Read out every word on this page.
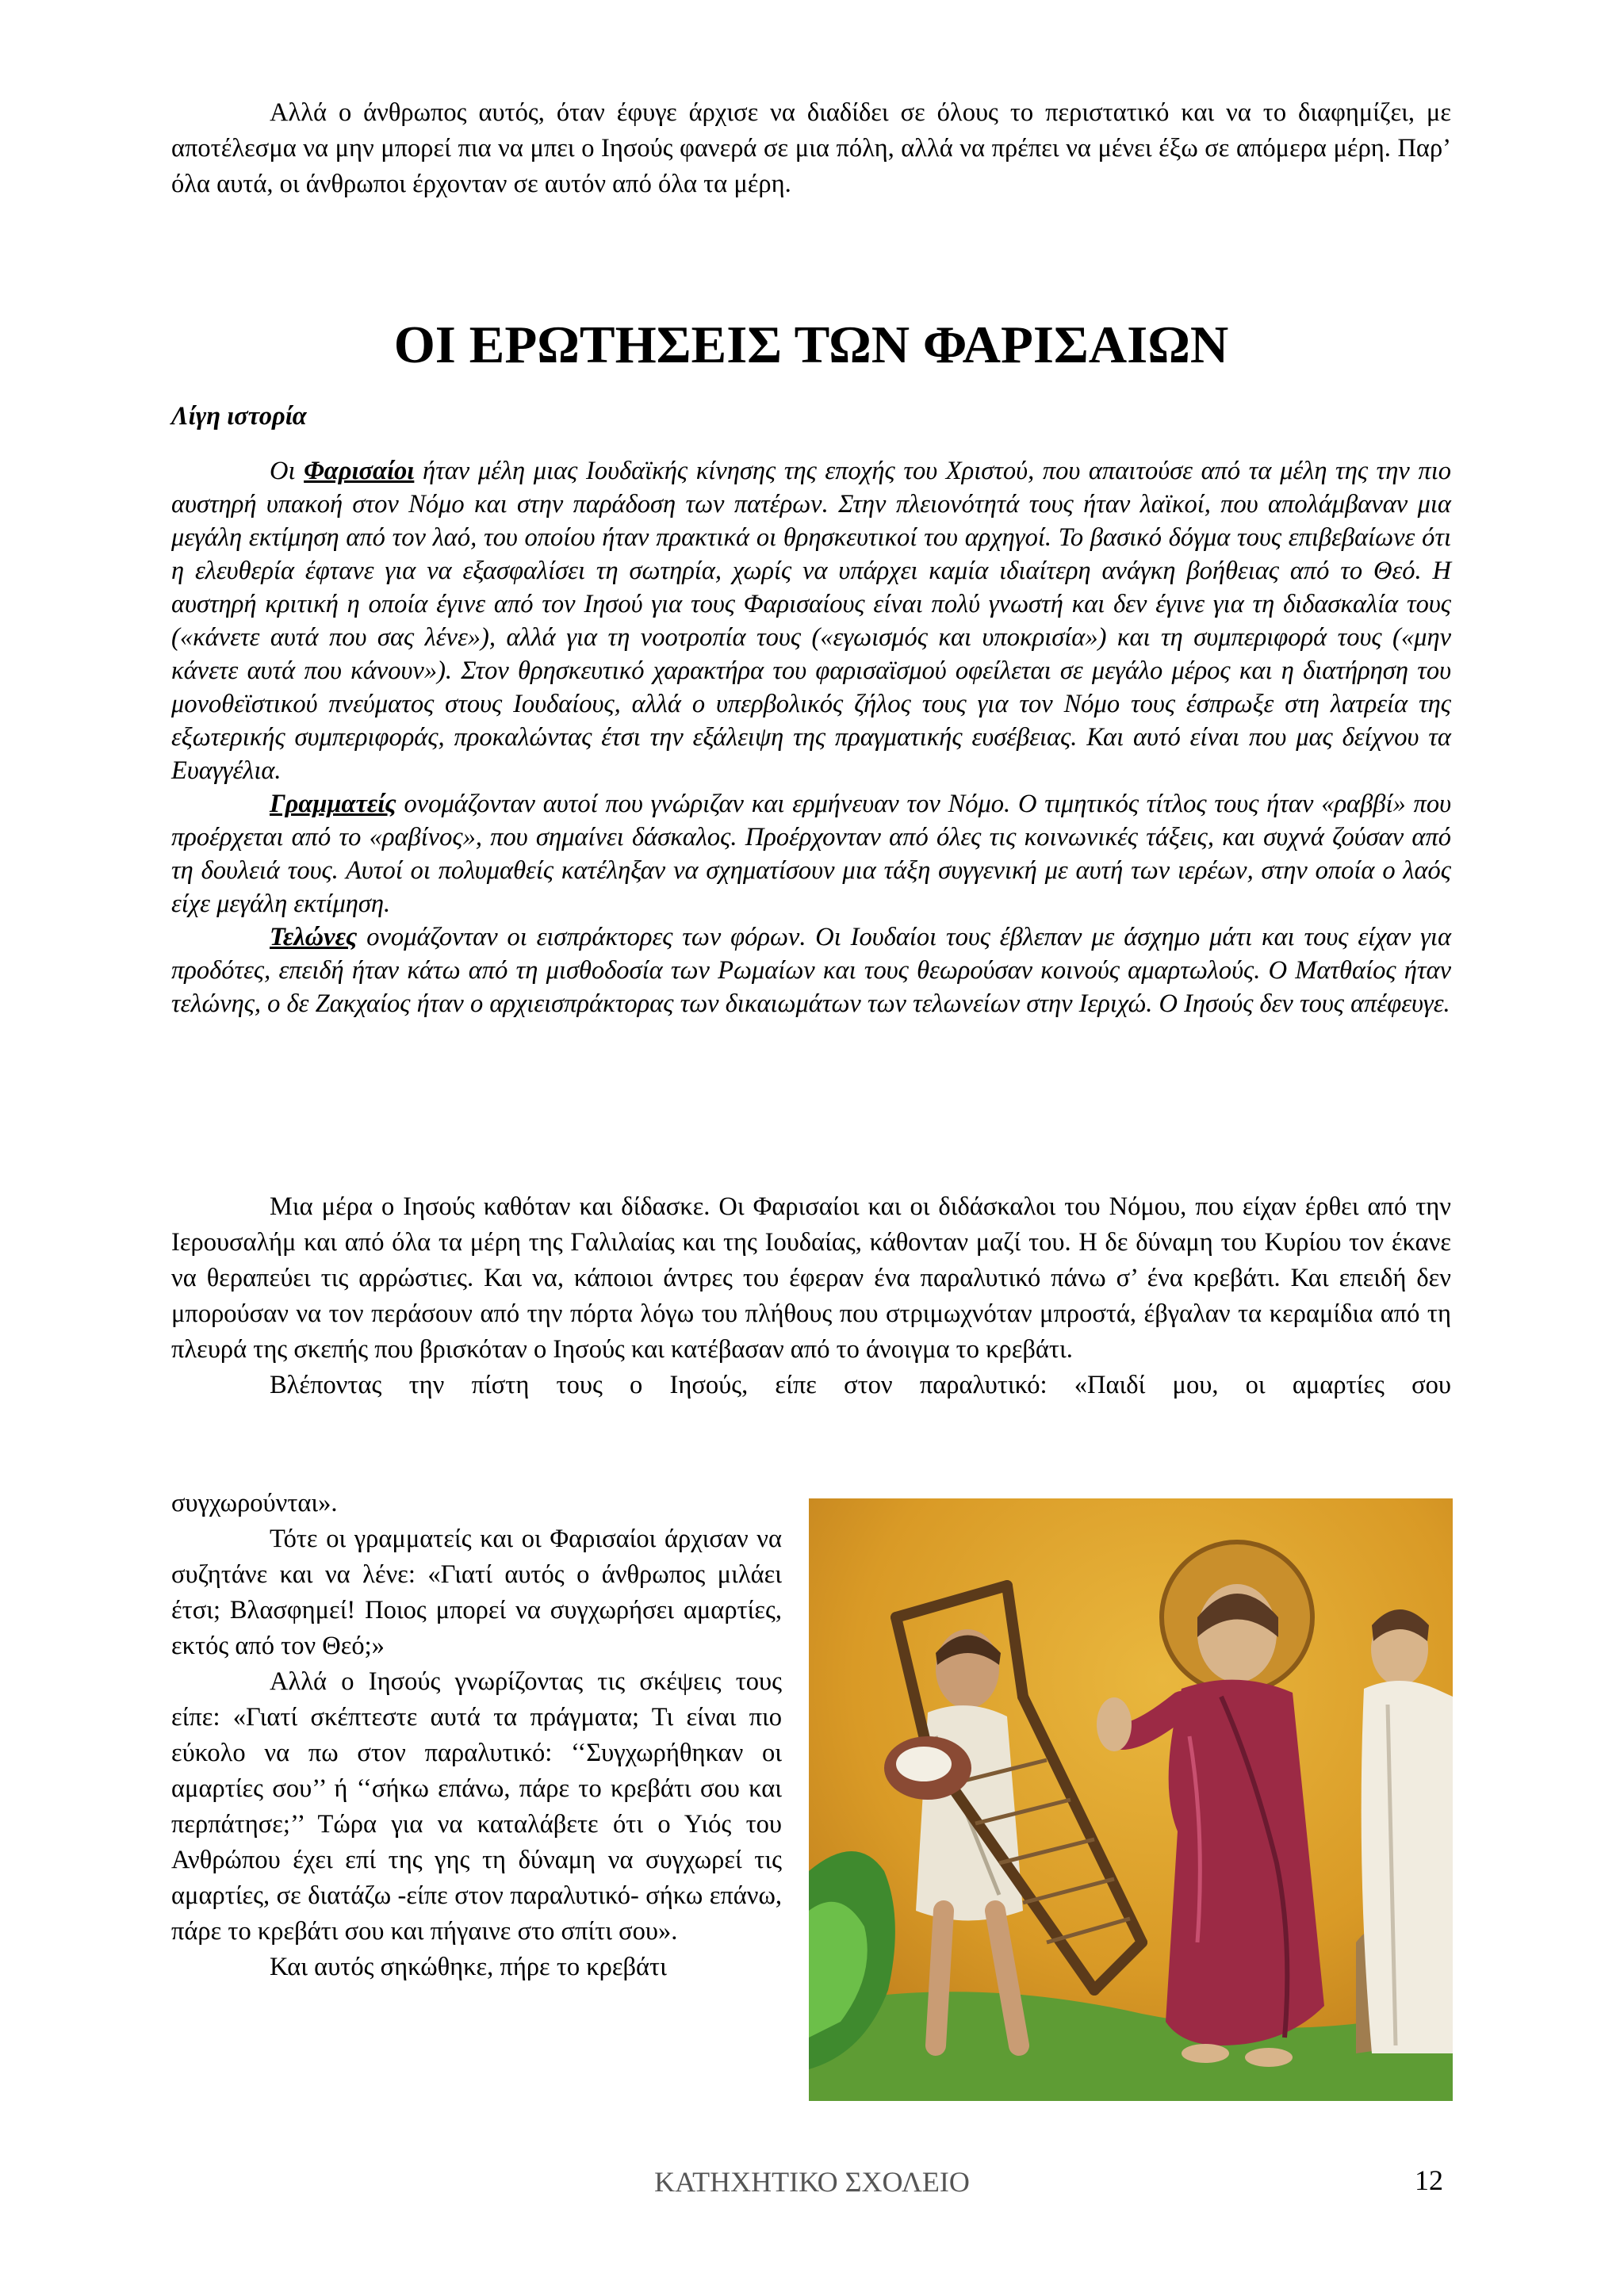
Αλλά ο άνθρωπος αυτός, όταν έφυγε άρχισε να διαδίδει σε όλους το περιστατικό και να το διαφημίζει, με αποτέλεσμα να μην μπορεί πια να μπει ο Ιησούς φανερά σε μια πόλη, αλλά να πρέπει να μένει έξω σε απόμερα μέρη. Παρ’ όλα αυτά, οι άνθρωποι έρχονταν σε αυτόν από όλα τα μέρη.

ΟΙ ΕΡΩΤΗΣΕΙΣ ΤΩΝ ΦΑΡΙΣΑΙΩΝ

Λίγη ιστορία

Οι Φαρισαίοι ήταν μέλη μιας Ιουδαϊκής κίνησης της εποχής του Χριστού, που απαιτούσε από τα μέλη της την πιο αυστηρή υπακοή στον Νόμο και στην παράδοση των πατέρων. Στην πλειονότητά τους ήταν λαϊκοί, που απολάμβαναν μια μεγάλη εκτίμηση από τον λαό, του οποίου ήταν πρακτικά οι θρησκευτικοί του αρχηγοί. Το βασικό δόγμα τους επιβεβαίωνε ότι η ελευθερία έφτανε για να εξασφαλίσει τη σωτηρία, χωρίς να υπάρχει καμία ιδιαίτερη ανάγκη βοήθειας από το Θεό. Η αυστηρή κριτική η οποία έγινε από τον Ιησού για τους Φαρισαίους είναι πολύ γνωστή και δεν έγινε για τη διδασκαλία τους («κάνετε αυτά που σας λένε»), αλλά για τη νοοτροπία τους («εγωισμός και υποκρισία») και τη συμπεριφορά τους («μην κάνετε αυτά που κάνουν»). Στον θρησκευτικό χαρακτήρα του φαρισαϊσμού οφείλεται σε μεγάλο μέρος και η διατήρηση του μονοθεϊστικού πνεύματος στους Ιουδαίους, αλλά ο υπερβολικός ζήλος τους για τον Νόμο τους έσπρωξε στη λατρεία της εξωτερικής συμπεριφοράς, προκαλώντας έτσι την εξάλειψη της πραγματικής ευσέβειας. Και αυτό είναι που μας δείχνου τα Ευαγγέλια.

Γραμματείς ονομάζονταν αυτοί που γνώριζαν και ερμήνευαν τον Νόμο. Ο τιμητικός τίτλος τους ήταν «ραββί» που προέρχεται από το «ραβίνος», που σημαίνει δάσκαλος. Προέρχονταν από όλες τις κοινωνικές τάξεις, και συχνά ζούσαν από τη δουλειά τους. Αυτοί οι πολυμαθείς κατέληξαν να σχηματίσουν μια τάξη συγγενική με αυτή των ιερέων, στην οποία ο λαός είχε μεγάλη εκτίμηση.

Τελώνες ονομάζονταν οι εισπράκτορες των φόρων. Οι Ιουδαίοι τους έβλεπαν με άσχημο μάτι και τους είχαν για προδότες, επειδή ήταν κάτω από τη μισθοδοσία των Ρωμαίων και τους θεωρούσαν κοινούς αμαρτωλούς. Ο Ματθαίος ήταν τελώνης, ο δε Ζακχαίος ήταν ο αρχιεισπράκτορας των δικαιωμάτων των τελωνείων στην Ιεριχώ. Ο Ιησούς δεν τους απέφευγε.

Μια μέρα ο Ιησούς καθόταν και δίδασκε. Οι Φαρισαίοι και οι διδάσκαλοι του Νόμου, που είχαν έρθει από την Ιερουσαλήμ και από όλα τα μέρη της Γαλιλαίας και της Ιουδαίας, κάθονταν μαζί του. Η δε δύναμη του Κυρίου τον έκανε να θεραπεύει τις αρρώστιες. Και να, κάποιοι άντρες του έφεραν ένα παραλυτικό πάνω σ’ ένα κρεβάτι. Και επειδή δεν μπορούσαν να τον περάσουν από την πόρτα λόγω του πλήθους που στριμωχνόταν μπροστά, έβγαλαν τα κεραμίδια από τη πλευρά της σκεπής που βρισκόταν ο Ιησούς και κατέβασαν από το άνοιγμα το κρεβάτι.

Βλέποντας την πίστη τους ο Ιησούς, είπε στον παραλυτικό: «Παιδί μου, οι αμαρτίες σου

συγχωρούνται».

Τότε οι γραμματείς και οι Φαρισαίοι άρχισαν να συζητάνε και να λένε: «Γιατί αυτός ο άνθρωπος μιλάει έτσι; Βλασφημεί! Ποιος μπορεί να συγχωρήσει αμαρτίες, εκτός από τον Θεό;»

Αλλά ο Ιησούς γνωρίζοντας τις σκέψεις τους είπε: «Γιατί σκέπτεστε αυτά τα πράγματα; Τι είναι πιο εύκολο να πω στον παραλυτικό: ‘‘Συγχωρήθηκαν οι αμαρτίες σου’’ ή ‘‘σήκω επάνω, πάρε το κρεβάτι σου και περπάτησε;’’ Τώρα για να καταλάβετε ότι ο Υιός του Ανθρώπου έχει επί της γης τη δύναμη να συγχωρεί τις αμαρτίες, σε διατάζω -είπε στον παραλυτικό- σήκω επάνω, πάρε το κρεβάτι σου και πήγαινε στο σπίτι σου».

Και αυτός σηκώθηκε, πήρε το κρεβάτι

ΚΑΤΗΧΗΤΙΚΟ ΣΧΟΛΕΙΟ	12
